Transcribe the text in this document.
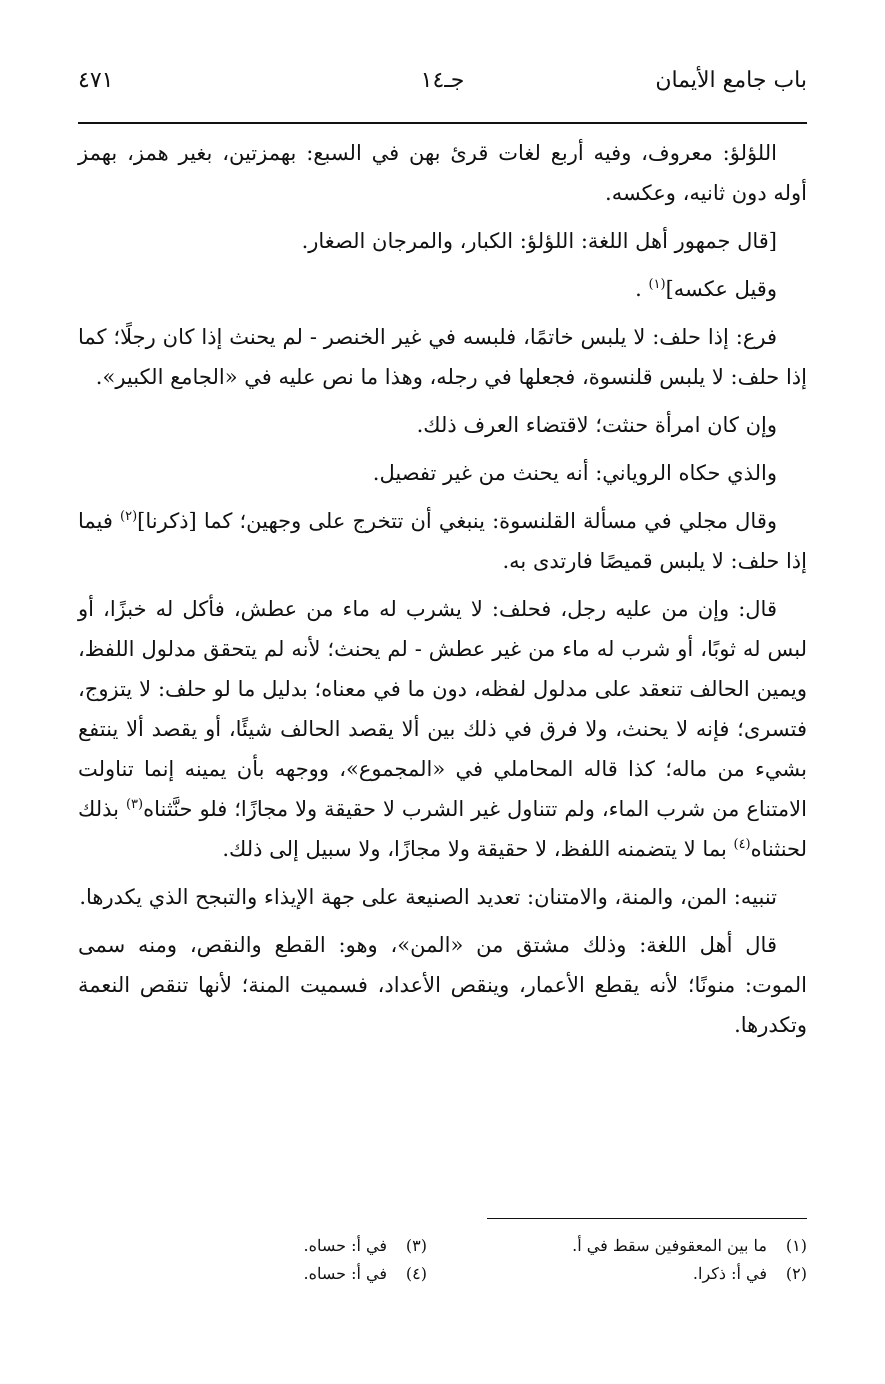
باب جامع الأيمان
جـ١٤
٤٧١

اللؤلؤ: معروف، وفيه أربع لغات قرئ بهن في السبع: بهمزتين، بغير همز، بهمز أوله دون ثانيه، وعكسه.

[قال جمهور أهل اللغة: اللؤلؤ: الكبار، والمرجان الصغار.

وقيل عكسه]$^{(١)}$ .

فرع: إذا حلف: لا يلبس خاتمًا، فلبسه في غير الخنصر - لم يحنث إذا كان رجلًا؛ كما إذا حلف: لا يلبس قلنسوة، فجعلها في رجله، وهذا ما نص عليه في «الجامع الكبير».

وإن كان امرأة حنثت؛ لاقتضاء العرف ذلك.

والذي حكاه الروياني: أنه يحنث من غير تفصيل.

وقال مجلي في مسألة القلنسوة: ينبغي أن تتخرج على وجهين؛ كما [ذكرنا]$^{(٢)}$ فيما إذا حلف: لا يلبس قميصًا فارتدى به.

قال: وإن من عليه رجل، فحلف: لا يشرب له ماء من عطش، فأكل له خبزًا، أو لبس له ثوبًا، أو شرب له ماء من غير عطش - لم يحنث؛ لأنه لم يتحقق مدلول اللفظ، ويمين الحالف تنعقد على مدلول لفظه، دون ما في معناه؛ بدليل ما لو حلف: لا يتزوج، فتسرى؛ فإنه لا يحنث، ولا فرق في ذلك بين ألا يقصد الحالف شيئًا، أو يقصد ألا ينتفع بشيء من ماله؛ كذا قاله المحاملي في «المجموع»، ووجهه بأن يمينه إنما تناولت الامتناع من شرب الماء، ولم تتناول غير الشرب لا حقيقة ولا مجازًا؛ فلو حنَّثناه$^{(٣)}$ بذلك لحنثناه$^{(٤)}$ بما لا يتضمنه اللفظ، لا حقيقة ولا مجازًا، ولا سبيل إلى ذلك.

تنبيه: المن، والمنة، والامتنان: تعديد الصنيعة على جهة الإيذاء والتبجح الذي يكدرها.

قال أهل اللغة: وذلك مشتق من «المن»، وهو: القطع والنقص، ومنه سمى الموت: منونًا؛ لأنه يقطع الأعمار، وينقص الأعداد، فسميت المنة؛ لأنها تنقص النعمة وتكدرها.

(١)ما بين المعقوفين سقط في أ.
(٢)في أ: ذكرا.
(٣)في أ: حساه.
(٤)في أ: حساه.
